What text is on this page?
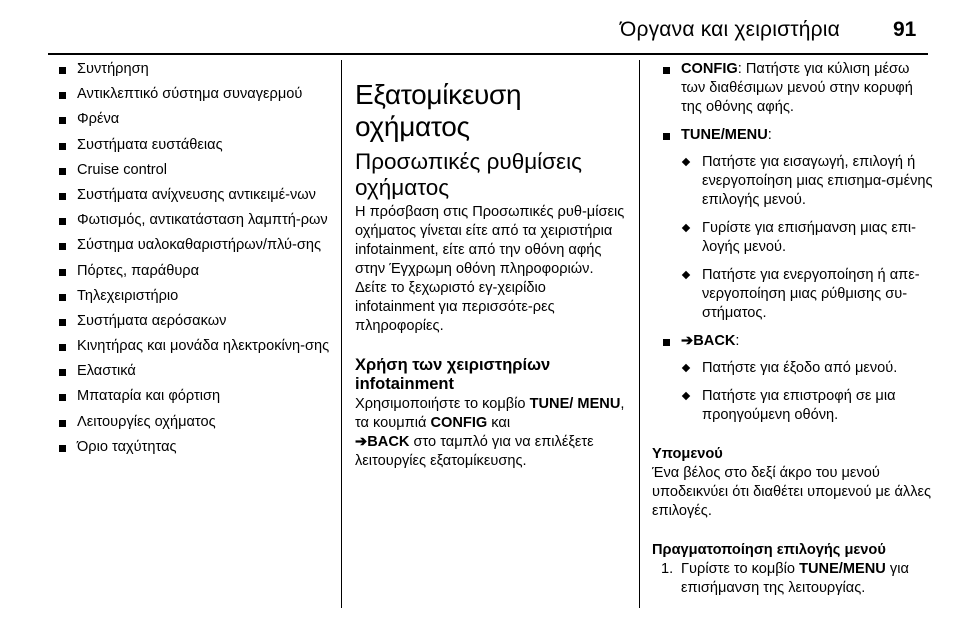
Όργανα και χειριστήρια	91
Συντήρηση
Αντικλεπτικό σύστημα συναγερμού
Φρένα
Συστήματα ευστάθειας
Cruise control
Συστήματα ανίχνευσης αντικειμέ-νων
Φωτισμός, αντικατάσταση λαμπτή-ρων
Σύστημα υαλοκαθαριστήρων/πλύ-σης
Πόρτες, παράθυρα
Τηλεχειριστήριο
Συστήματα αερόσακων
Κινητήρας και μονάδα ηλεκτροκίνη-σης
Ελαστικά
Μπαταρία και φόρτιση
Λειτουργίες οχήματος
Όριο ταχύτητας
Εξατομίκευση οχήματος
Προσωπικές ρυθμίσεις οχήματος

Η πρόσβαση στις Προσωπικές ρυθ-μίσεις οχήματος γίνεται είτε από τα χειριστήρια infotainment, είτε από την οθόνη αφής στην Έγχρωμη οθόνη πληροφοριών. Δείτε το ξεχωριστό εγ-χειρίδιο infotainment για περισσότε-ρες πληροφορίες.

Χρήση των χειριστηρίων infotainment

Χρησιμοποιήστε το κομβίο TUNE/ MENU, τα κουμπιά CONFIG και
➔BACK στο ταμπλό για να επιλέξετε λειτουργίες εξατομίκευσης.

CONFIG: Πατήστε για κύλιση μέσω των διαθέσιμων μενού στην κορυφή της οθόνης αφής.
TUNE/MENU:
Πατήστε για εισαγωγή, επιλογή ή ενεργοποίηση μιας επισημα-σμένης επιλογής μενού.
Γυρίστε για επισήμανση μιας επι-λογής μενού.
Πατήστε για ενεργοποίηση ή απε-νεργοποίηση μιας ρύθμισης συ-στήματος.
➔BACK:
Πατήστε για έξοδο από μενού.
Πατήστε για επιστροφή σε μια προηγούμενη οθόνη.
Υπομενού

Ένα βέλος στο δεξί άκρο του μενού υποδεικνύει ότι διαθέτει υπομενού με άλλες επιλογές.

Πραγματοποίηση επιλογής μενού
1. Γυρίστε το κομβίο TUNE/MENU για επισήμανση της λειτουργίας.
